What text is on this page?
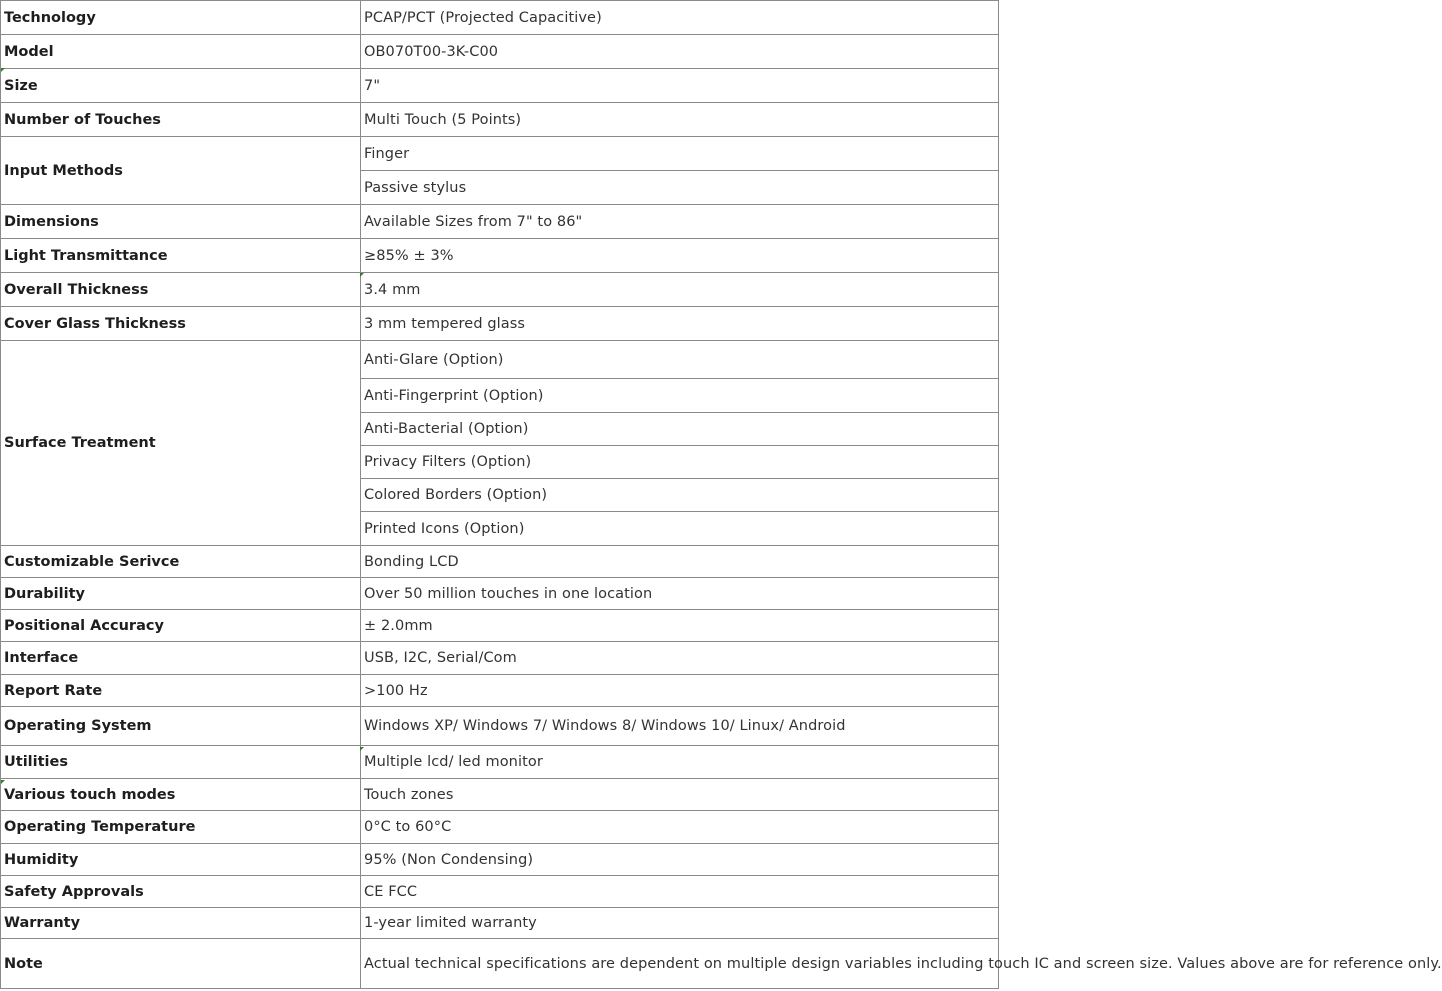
Technology	PCAP/PCT (Projected Capacitive)
Model	OB070T00-3K-C00
Size	7"
Number of Touches	Multi Touch (5 Points)
Input Methods	Finger
	Passive stylus
Dimensions	Available Sizes from 7" to 86"
Light Transmittance	≥85% ± 3%
Overall Thickness	3.4 mm
Cover Glass Thickness	3 mm tempered glass
Surface Treatment	Anti-Glare (Option)
	Anti-Fingerprint (Option)
	Anti-Bacterial (Option)
	Privacy Filters (Option)
	Colored Borders (Option)
	Printed Icons (Option)
Customizable Serivce	Bonding LCD
Durability	Over 50 million touches in one location
Positional Accuracy	± 2.0mm
Interface	USB, I2C, Serial/Com
Report Rate	>100 Hz
Operating System	Windows XP/ Windows 7/ Windows 8/ Windows 10/ Linux/ Android
Utilities	Multiple lcd/ led monitor
Various touch modes	Touch zones
Operating Temperature	0°C to 60°C
Humidity	95% (Non Condensing)
Safety Approvals	CE FCC
Warranty	1-year limited warranty
Note	Actual technical specifications are dependent on multiple design variables including touch IC and screen size. Values above are for reference only.
